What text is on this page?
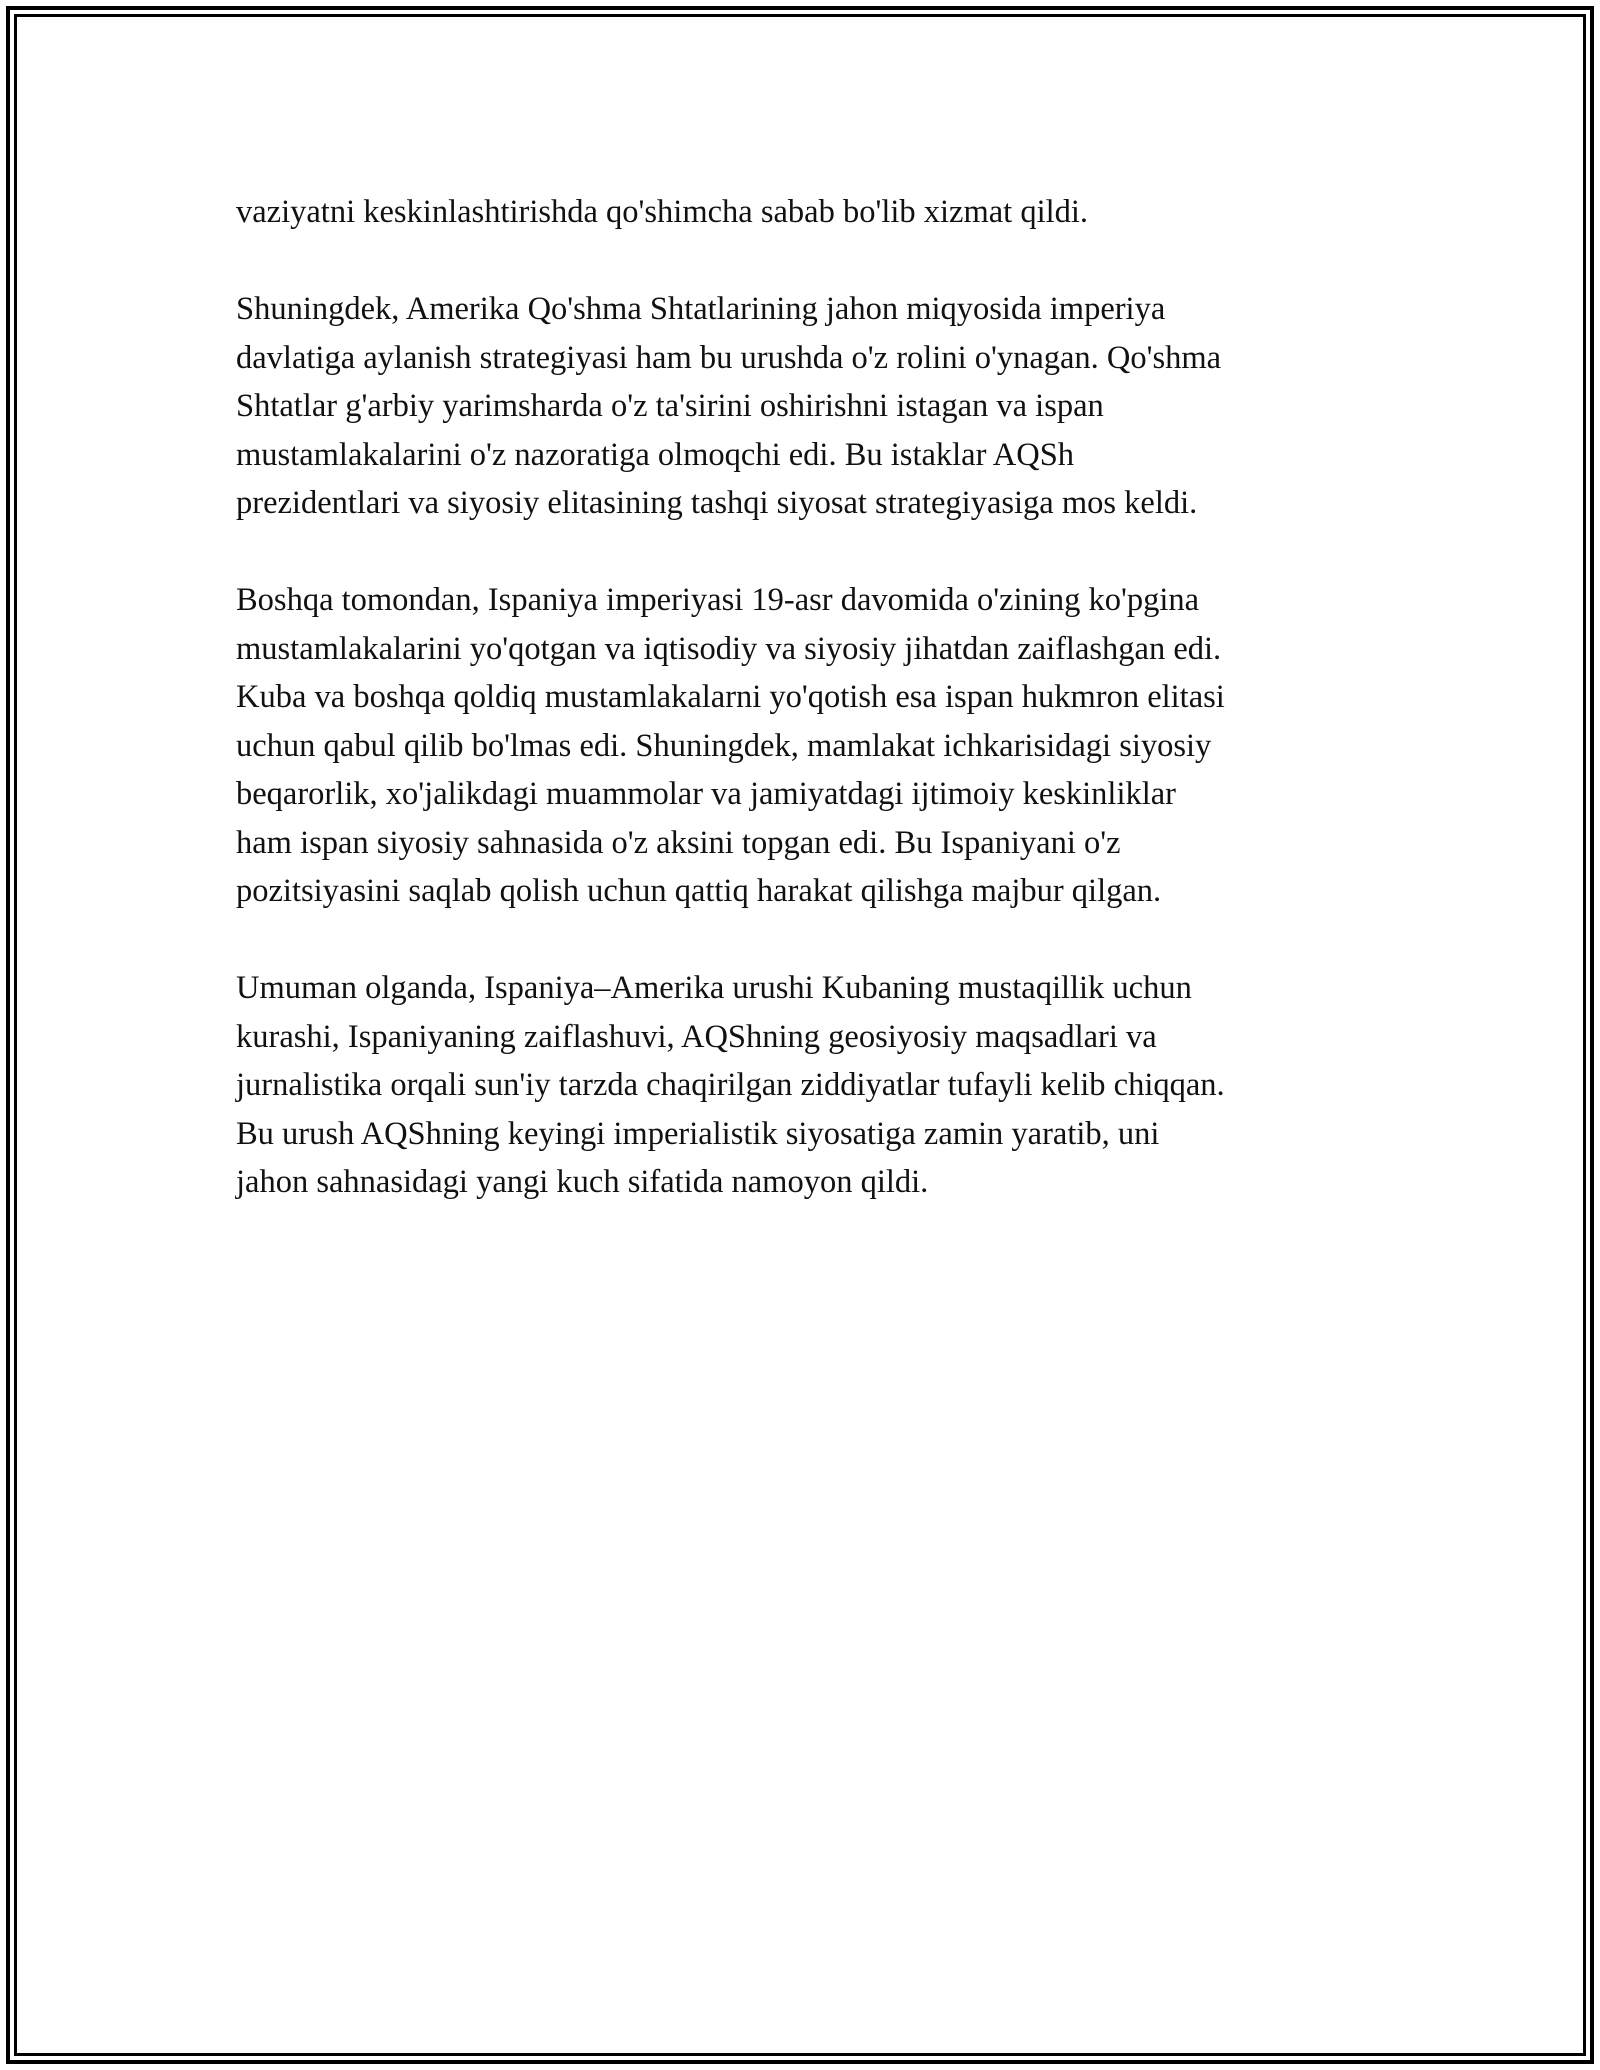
vaziyatni keskinlashtirishda qo'shimcha sabab bo'lib xizmat qildi.

Shuningdek, Amerika Qo'shma Shtatlarining jahon miqyosida imperiya
davlatiga aylanish strategiyasi ham bu urushda o'z rolini o'ynagan. Qo'shma
Shtatlar g'arbiy yarimsharda o'z ta'sirini oshirishni istagan va ispan
mustamlakalarini o'z nazoratiga olmoqchi edi. Bu istaklar AQSh
prezidentlari va siyosiy elitasining tashqi siyosat strategiyasiga mos keldi.

Boshqa tomondan, Ispaniya imperiyasi 19-asr davomida o'zining ko'pgina
mustamlakalarini yo'qotgan va iqtisodiy va siyosiy jihatdan zaiflashgan edi.
Kuba va boshqa qoldiq mustamlakalarni yo'qotish esa ispan hukmron elitasi
uchun qabul qilib bo'lmas edi. Shuningdek, mamlakat ichkarisidagi siyosiy
beqarorlik, xo'jalikdagi muammolar va jamiyatdagi ijtimoiy keskinliklar
ham ispan siyosiy sahnasida o'z aksini topgan edi. Bu Ispaniyani o'z
pozitsiyasini saqlab qolish uchun qattiq harakat qilishga majbur qilgan.

Umuman olganda, Ispaniya–Amerika urushi Kubaning mustaqillik uchun
kurashi, Ispaniyaning zaiflashuvi, AQShning geosiyosiy maqsadlari va
jurnalistika orqali sun'iy tarzda chaqirilgan ziddiyatlar tufayli kelib chiqqan.
Bu urush AQShning keyingi imperialistik siyosatiga zamin yaratib, uni
jahon sahnasidagi yangi kuch sifatida namoyon qildi.
